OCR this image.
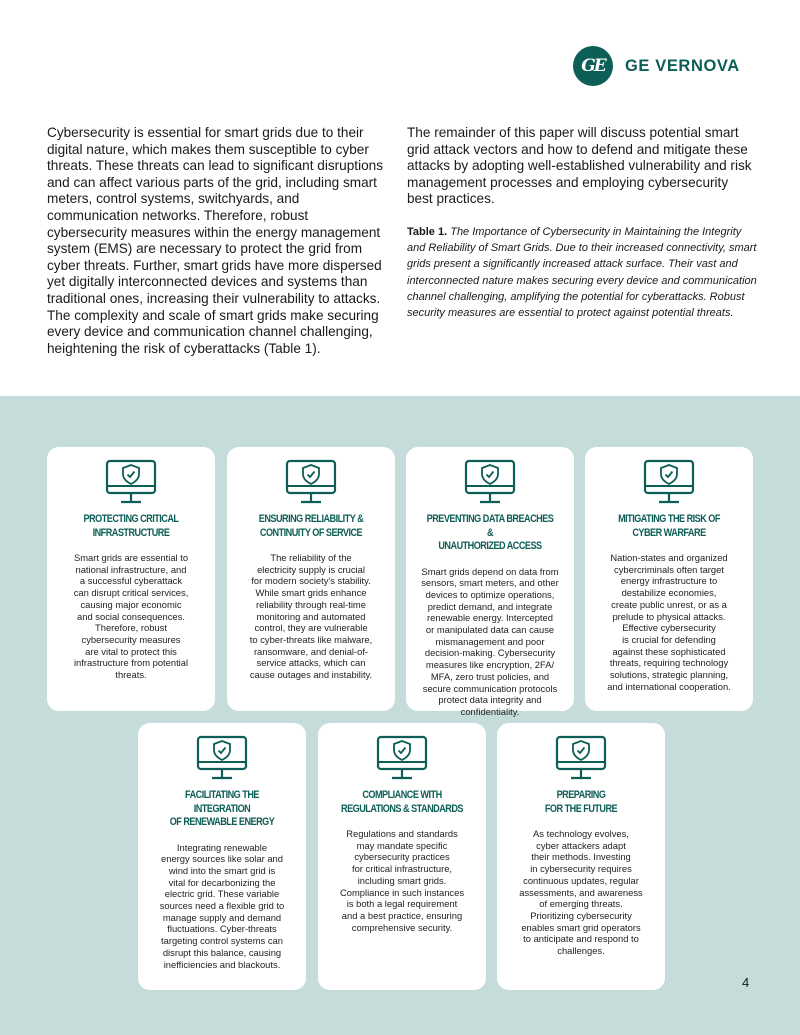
GE	GE VERNOVA

Cybersecurity is essential for smart grids due to their digital nature, which makes them susceptible to cyber threats. These threats can lead to significant disruptions and can affect various parts of the grid, including smart meters, control systems, switchyards, and communication networks. Therefore, robust cybersecurity measures within the energy management system (EMS) are necessary to protect the grid from cyber threats. Further, smart grids have more dispersed yet digitally interconnected devices and systems than traditional ones, increasing their vulnerability to attacks. The complexity and scale of smart grids make securing every device and communication channel challenging, heightening the risk of cyberattacks (Table 1).

The remainder of this paper will discuss potential smart grid attack vectors and how to defend and mitigate these attacks by adopting well-established vulnerability and risk management processes and employing cybersecurity best practices.

Table 1. The Importance of Cybersecurity in Maintaining the Integrity and Reliability of Smart Grids. Due to their increased connectivity, smart grids present a significantly increased attack surface. Their vast and interconnected nature makes securing every device and communication channel challenging, amplifying the potential for cyberattacks. Robust security measures are essential to protect against potential threats.

PROTECTING CRITICAL
INFRASTRUCTURE

Smart grids are essential to
national infrastructure, and
a successful cyberattack
can disrupt critical services,
causing major economic
and social consequences.
Therefore, robust
cybersecurity measures
are vital to protect this
infrastructure from potential
threats.

ENSURING RELIABILITY &
CONTINUITY OF SERVICE

The reliability of the
electricity supply is crucial
for modern society's stability.
While smart grids enhance
reliability through real-time
monitoring and automated
control, they are vulnerable
to cyber-threats like malware,
ransomware, and denial-of-
service attacks, which can
cause outages and instability.

PREVENTING DATA BREACHES &
UNAUTHORIZED ACCESS

Smart grids depend on data from
sensors, smart meters, and other
devices to optimize operations,
predict demand, and integrate
renewable energy. Intercepted
or manipulated data can cause
mismanagement and poor
decision-making. Cybersecurity
measures like encryption, 2FA/
MFA, zero trust policies, and
secure communication protocols
protect data integrity and
confidentiality.

MITIGATING THE RISK OF
CYBER WARFARE

Nation-states and organized
cybercriminals often target
energy infrastructure to
destabilize economies,
create public unrest, or as a
prelude to physical attacks.
Effective cybersecurity
is crucial for defending
against these sophisticated
threats, requiring technology
solutions, strategic planning,
and international cooperation.

FACILITATING THE INTEGRATION
OF RENEWABLE ENERGY

Integrating renewable
energy sources like solar and
wind into the smart grid is
vital for decarbonizing the
electric grid. These variable
sources need a flexible grid to
manage supply and demand
fluctuations. Cyber-threats
targeting control systems can
disrupt this balance, causing
inefficiencies and blackouts.

COMPLIANCE WITH
REGULATIONS & STANDARDS

Regulations and standards
may mandate specific
cybersecurity practices
for critical infrastructure,
including smart grids.
Compliance in such instances
is both a legal requirement
and a best practice, ensuring
comprehensive security.

PREPARING
FOR THE FUTURE

As technology evolves,
cyber attackers adapt
their methods. Investing
in cybersecurity requires
continuous updates, regular
assessments, and awareness
of emerging threats.
Prioritizing cybersecurity
enables smart grid operators
to anticipate and respond to
challenges.

4
